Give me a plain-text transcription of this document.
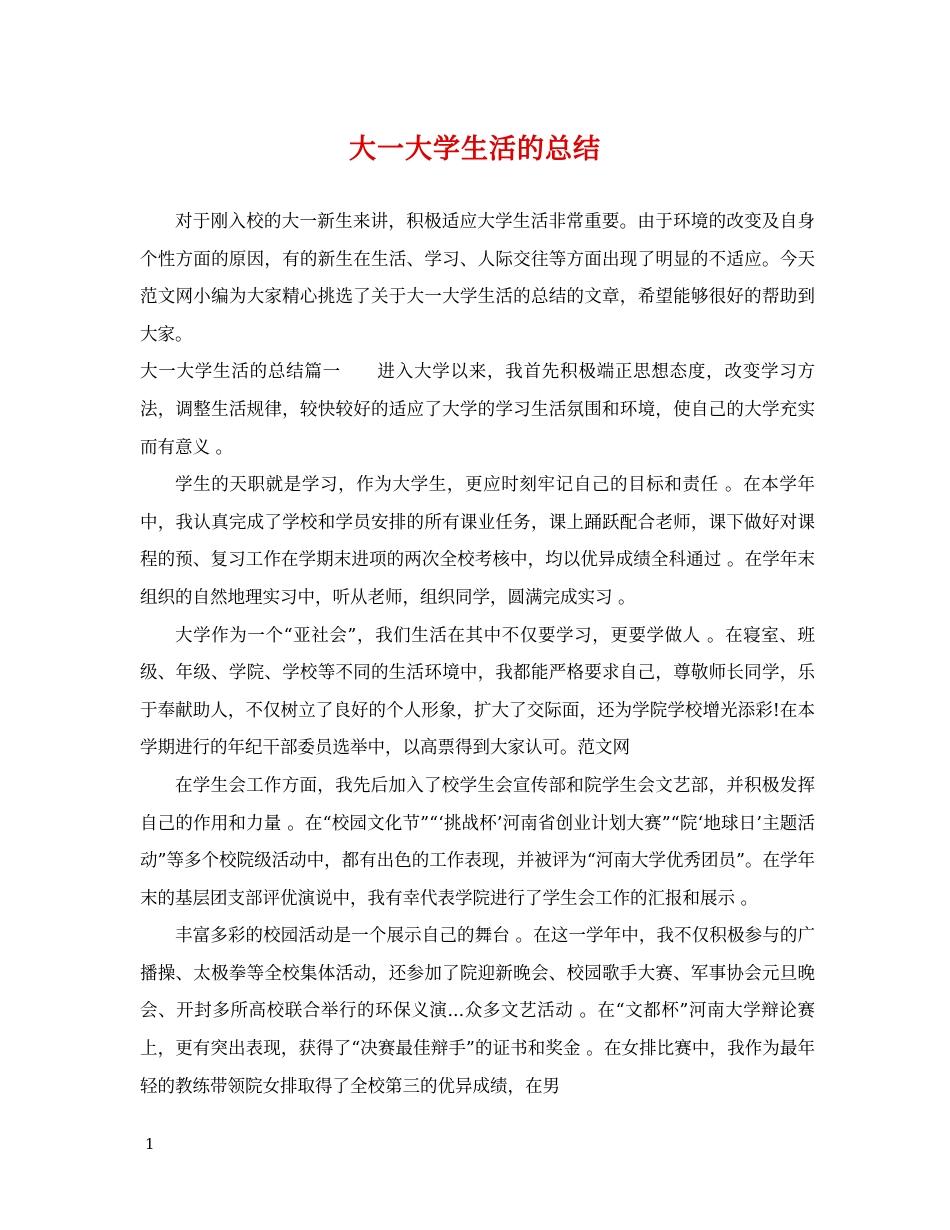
大一大学生活的总结

对于刚入校的大一新生来讲，积极适应大学生活非常重要。由于环境的改变及自身个性方面的原因，有的新生在生活、学习、人际交往等方面出现了明显的不适应。今天范文网小编为大家精心挑选了关于大一大学生活的总结的文章，希望能够很好的帮助到大家。

大一大学生活的总结篇一　　进入大学以来，我首先积极端正思想态度，改变学习方法，调整生活规律，较快较好的适应了大学的学习生活氛围和环境，使自己的大学充实而有意义 。

学生的天职就是学习，作为大学生，更应时刻牢记自己的目标和责任 。在本学年中，我认真完成了学校和学员安排的所有课业任务，课上踊跃配合老师，课下做好对课程的预、复习工作在学期末进项的两次全校考核中，均以优异成绩全科通过 。在学年末组织的自然地理实习中，听从老师，组织同学，圆满完成实习 。

大学作为一个“亚社会”，我们生活在其中不仅要学习，更要学做人 。在寝室、班级、年级、学院、学校等不同的生活环境中，我都能严格要求自己，尊敬师长同学，乐于奉献助人，不仅树立了良好的个人形象，扩大了交际面，还为学院学校增光添彩!在本学期进行的年纪干部委员选举中，以高票得到大家认可。范文网

在学生会工作方面，我先后加入了校学生会宣传部和院学生会文艺部，并积极发挥自己的作用和力量 。在“校园文化节”“‘挑战杯’河南省创业计划大赛”“院‘地球日’主题活动”等多个校院级活动中，都有出色的工作表现，并被评为“河南大学优秀团员”。在学年末的基层团支部评优演说中，我有幸代表学院进行了学生会工作的汇报和展示 。

丰富多彩的校园活动是一个展示自己的舞台 。在这一学年中，我不仅积极参与的广播操、太极拳等全校集体活动，还参加了院迎新晚会、校园歌手大赛、军事协会元旦晚会、开封多所高校联合举行的环保义演...众多文艺活动 。在“文都杯”河南大学辩论赛上，更有突出表现，获得了“决赛最佳辩手”的证书和奖金 。在女排比赛中，我作为最年轻的教练带领院女排取得了全校第三的优异成绩，在男

1
